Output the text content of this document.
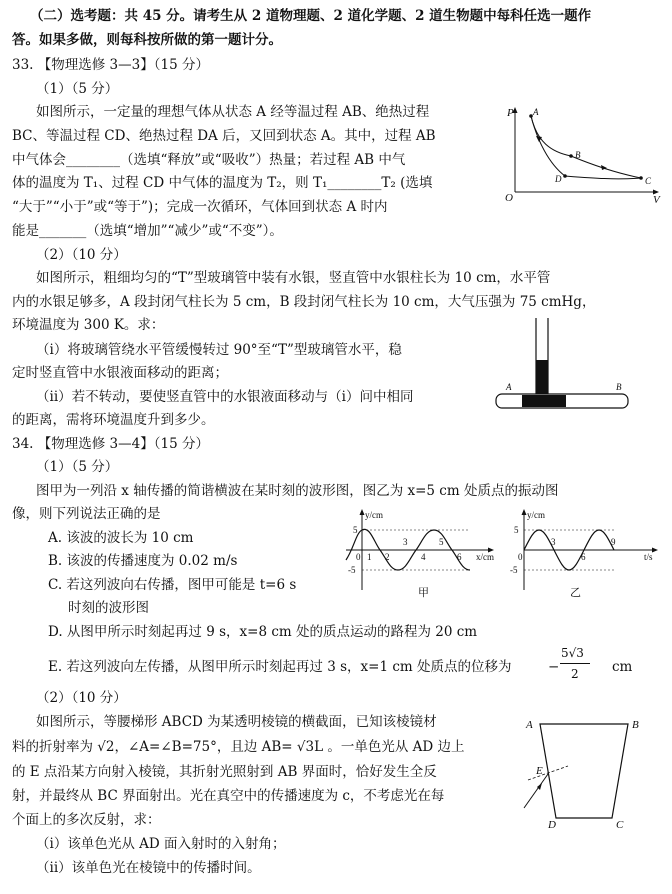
（二）选考题：共 45 分。请考生从 2 道物理题、2 道化学题、2 道生物题中每科任选一题作
答。如果多做，则每科按所做的第一题计分。
33. 【物理选修 3—3】（15 分）
（1）（5 分）
如图所示，一定量的理想气体从状态 A 经等温过程 AB、绝热过程
BC、等温过程 CD、绝热过程 DA 后，又回到状态 A。其中，过程 AB
中气体会________（选填“释放”或“吸收”）热量；若过程 AB 中气
体的温度为 T₁、过程 CD 中气体的温度为 T₂，则 T₁________T₂ (选填
“大于”“小于”或“等于”)；完成一次循环，气体回到状态 A 时内
能是_______（选填“增加”“减少”或“不变”）。
P
V
O
A
B
C
D
（2）（10 分）
如图所示，粗细均匀的“T”型玻璃管中装有水银，竖直管中水银柱长为 10 cm，水平管
内的水银足够多，A 段封闭气柱长为 5 cm，B 段封闭气柱长为 10 cm，大气压强为 75 cmHg，
环境温度为 300 K。求：
（i）将玻璃管绕水平管缓慢转过 90°至“T”型玻璃管水平，稳
定时竖直管中水银液面移动的距离；
（ii）若不转动，要使竖直管中的水银液面移动与（i）问中相同
的距离，需将环境温度升到多少。
A	B
34. 【物理选修 3—4】（15 分）
（1）（5 分）
图甲为一列沿 x 轴传播的简谐横波在某时刻的波形图，图乙为 x=5 cm 处质点的振动图
像，则下列说法正确的是
A. 该波的波长为 10 cm
B. 该波的传播速度为 0.02 m/s
C. 若这列波向右传播，图甲可能是 t=6 s
时刻的波形图
D. 从图甲所示时刻起再过 9 s，x=8 cm 处的质点运动的路程为 20 cm
E. 若这列波向左传播，从图甲所示时刻起再过 3 s，x=1 cm 处质点的位移为	−
5√3
2 cm
y/cm
x/cm
5
-5
0 1 2
3
4
5
6
甲
y/cm
t/s
5
-5
0
3
6
9
乙
（2）（10 分）
如图所示，等腰梯形 ABCD 为某透明棱镜的横截面，已知该棱镜材
料的折射率为 √2，∠A=∠B=75°，且边 AB= √3L 。一单色光从 AD 边上
的 E 点沿某方向射入棱镜，其折射光照射到 AB 界面时，恰好发生全反
射，并最终从 BC 界面射出。光在真空中的传播速度为 c，不考虑光在每
个面上的多次反射，求：
（i）该单色光从 AD 面入射时的入射角；
（ii）该单色光在棱镜中的传播时间。
A	B
C
D
E
